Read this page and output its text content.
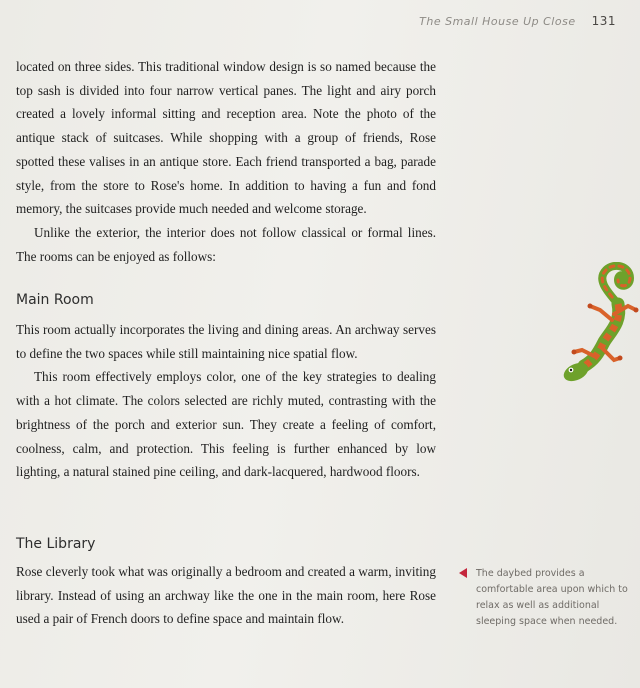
The Small House Up Close 131

located on three sides. This traditional window design is so named because the top sash is divided into four narrow vertical panes. The light and airy porch created a lovely informal sitting and reception area. Note the photo of the antique stack of suitcases. While shopping with a group of friends, Rose spotted these valises in an antique store. Each friend transported a bag, parade style, from the store to Rose's home. In addition to having a fun and fond memory, the suitcases provide much needed and welcome storage.

Unlike the exterior, the interior does not follow classical or formal lines. The rooms can be enjoyed as follows:

Main Room

This room actually incorporates the living and dining areas. An archway serves to define the two spaces while still maintaining nice spatial flow.

This room effectively employs color, one of the key strategies to dealing with a hot climate. The colors selected are richly muted, contrasting with the brightness of the porch and exterior sun. They create a feeling of comfort, coolness, calm, and protection. This feeling is further enhanced by low lighting, a natural stained pine ceiling, and dark-lacquered, hardwood floors.

The Library

Rose cleverly took what was originally a bedroom and created a warm, inviting library. Instead of using an archway like the one in the main room, here Rose used a pair of French doors to define space and maintain flow.

The daybed provides a comfortable area upon which to relax as well as additional sleeping space when needed.
